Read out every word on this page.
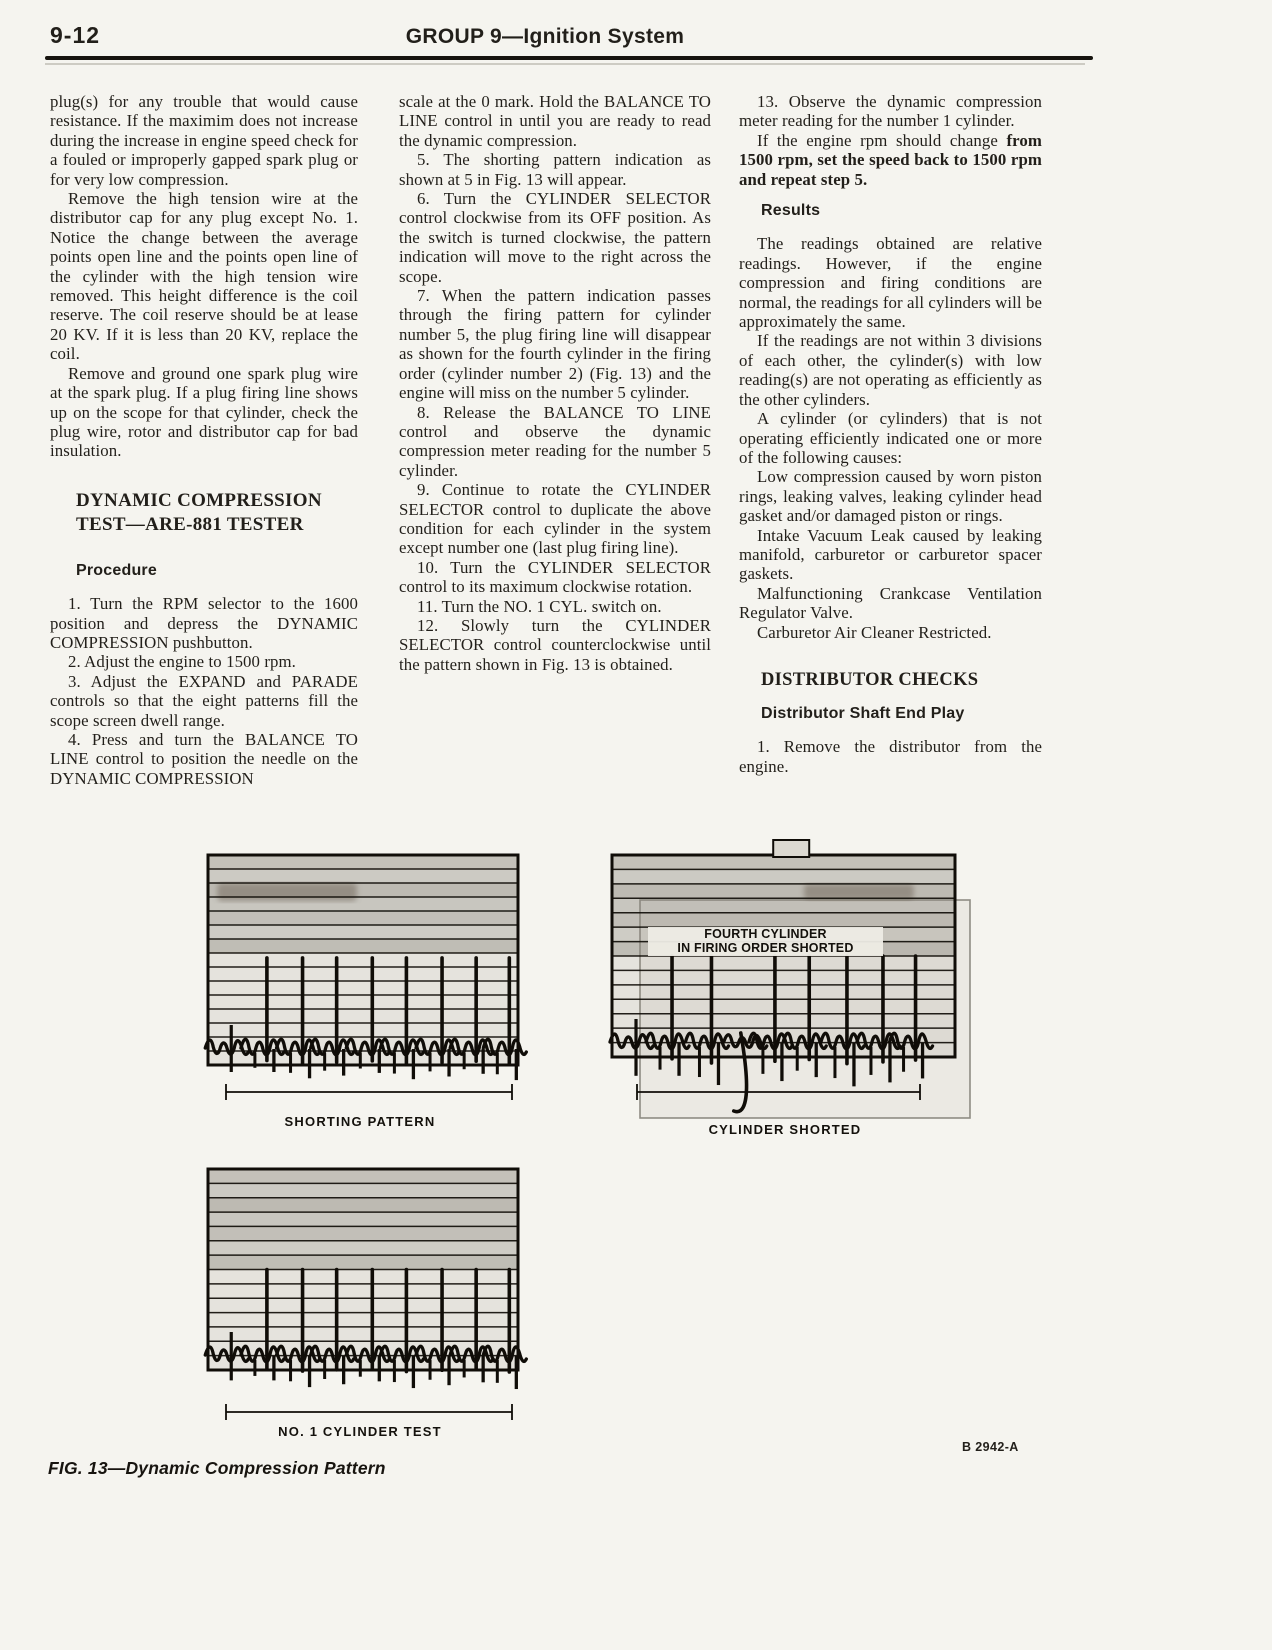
9-12	GROUP 9—Ignition System

plug(s) for any trouble that would cause resistance. If the maximim does not increase during the increase in engine speed check for a fouled or improperly gapped spark plug or for very low compression.

Remove the high tension wire at the distributor cap for any plug except No. 1. Notice the change between the average points open line and the points open line of the cylinder with the high tension wire removed. This height difference is the coil reserve. The coil reserve should be at lease 20 KV. If it is less than 20 KV, replace the coil.

Remove and ground one spark plug wire at the spark plug. If a plug firing line shows up on the scope for that cylinder, check the plug wire, rotor and distributor cap for bad insulation.

DYNAMIC COMPRESSION TEST—ARE-881 TESTER
Procedure

1. Turn the RPM selector to the 1600 position and depress the DYNAMIC COMPRESSION pushbutton.

2. Adjust the engine to 1500 rpm.

3. Adjust the EXPAND and PARADE controls so that the eight patterns fill the scope screen dwell range.

4. Press and turn the BALANCE TO LINE control to position the needle on the DYNAMIC COMPRESSION

scale at the 0 mark. Hold the BALANCE TO LINE control in until you are ready to read the dynamic compression.

5. The shorting pattern indication as shown at 5 in Fig. 13 will appear.

6. Turn the CYLINDER SELECTOR control clockwise from its OFF position. As the switch is turned clockwise, the pattern indication will move to the right across the scope.

7. When the pattern indication passes through the firing pattern for cylinder number 5, the plug firing line will disappear as shown for the fourth cylinder in the firing order (cylinder number 2) (Fig. 13) and the engine will miss on the number 5 cylinder.

8. Release the BALANCE TO LINE control and observe the dynamic compression meter reading for the number 5 cylinder.

9. Continue to rotate the CYLINDER SELECTOR control to duplicate the above condition for each cylinder in the system except number one (last plug firing line).

10. Turn the CYLINDER SELECTOR control to its maximum clockwise rotation.

11. Turn the NO. 1 CYL. switch on.

12. Slowly turn the CYLINDER SELECTOR control counterclockwise until the pattern shown in Fig. 13 is obtained.

13. Observe the dynamic compression meter reading for the number 1 cylinder.

If the engine rpm should change from 1500 rpm, set the speed back to 1500 rpm and repeat step 5.

Results

The readings obtained are relative readings. However, if the engine compression and firing conditions are normal, the readings for all cylinders will be approximately the same.

If the readings are not within 3 divisions of each other, the cylinder(s) with low reading(s) are not operating as efficiently as the other cylinders.

A cylinder (or cylinders) that is not operating efficiently indicated one or more of the following causes:

Low compression caused by worn piston rings, leaking valves, leaking cylinder head gasket and/or damaged piston or rings.

Intake Vacuum Leak caused by leaking manifold, carburetor or carburetor spacer gaskets.

Malfunctioning Crankcase Ventilation Regulator Valve.

Carburetor Air Cleaner Restricted.

DISTRIBUTOR CHECKS
Distributor Shaft End Play

1. Remove the distributor from the engine.

FOURTH CYLINDER
IN FIRING ORDER SHORTED
SHORTING PATTERN
CYLINDER SHORTED
NO. 1 CYLINDER TEST
B 2942-A
FIG. 13—Dynamic Compression Pattern
